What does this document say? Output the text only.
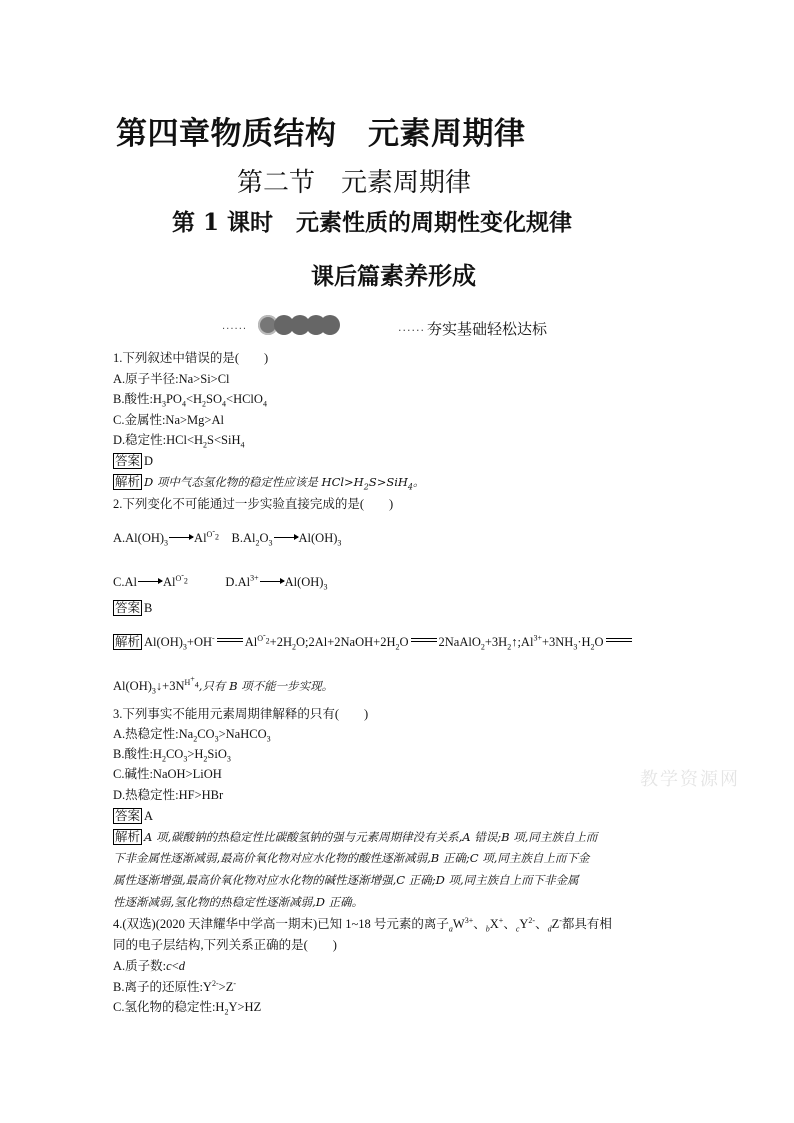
第四章物质结构　元素周期律
第二节　元素周期律
第 1 课时　元素性质的周期性变化规律
课后篇素养形成
······	······ 夯实基础轻松达标
1.下列叙述中错误的是(　　)
A.原子半径:Na>Si>Cl
B.酸性$:H_3PO_4<H_2SO_4<HClO_4$
C.金属性:Na>Mg>Al
D.稳定性$:HCl<H_2S<SiH_4$
答案 D
解析 D 项中气态氢化物的稳定性应该是 $HCl>H_2S>SiH_4$。
2.下列变化不可能通过一步实验直接完成的是(　　)
$A.Al(OH)_3$ $Al^{O^-_2}$　$B.Al_2O_3$ $Al(OH)_3$
C.Al $Al^{O^-_2}$　　　$D.Al^{3+}$ $Al(OH)_3$
答案 B
解析 $Al(OH)_3+OH^-$ $Al^{O^-_2}+2H_2O;2Al+2NaOH+2H_2O$ $2NaAlO_2+3H_2↑;Al^{3+}+3NH_3\cdot H_2O$
$Al(OH)_3↓+3N^{H^+_4}$,只有 B 项不能一步实现。
3.下列事实不能用元素周期律解释的只有(　　)
A.热稳定性$:Na_2CO_3>NaHCO_3$
B.酸性$:H_2CO_3>H_2SiO_3$
C.碱性:NaOH>LiOH
D.热稳定性:HF>HBr
答案 A
解析 A 项,碳酸钠的热稳定性比碳酸氢钠的强与元素周期律没有关系,A 错误;B 项,同主族自上而
下非金属性逐渐减弱,最高价氧化物对应水化物的酸性逐渐减弱,B 正确;C 项,同主族自上而下金
属性逐渐增强,最高价氧化物对应水化物的碱性逐渐增强,C 正确;D 项,同主族自上而下非金属
性逐渐减弱,氢化物的热稳定性逐渐减弱,D 正确。
4.(双选)(2020 天津耀华中学高一期末)已知 1~18 号元素的离子$_aW^{3+}$、$_b$X+、$_cY^{2-}$、$_d$Z-都具有相
同的电子层结构,下列关系正确的是(　　)
A.质子数:c<d
B.离子的还原性$:Y^{2-}>Z^-$
C.氢化物的稳定性$:H_2Y>HZ$
教学资源网
